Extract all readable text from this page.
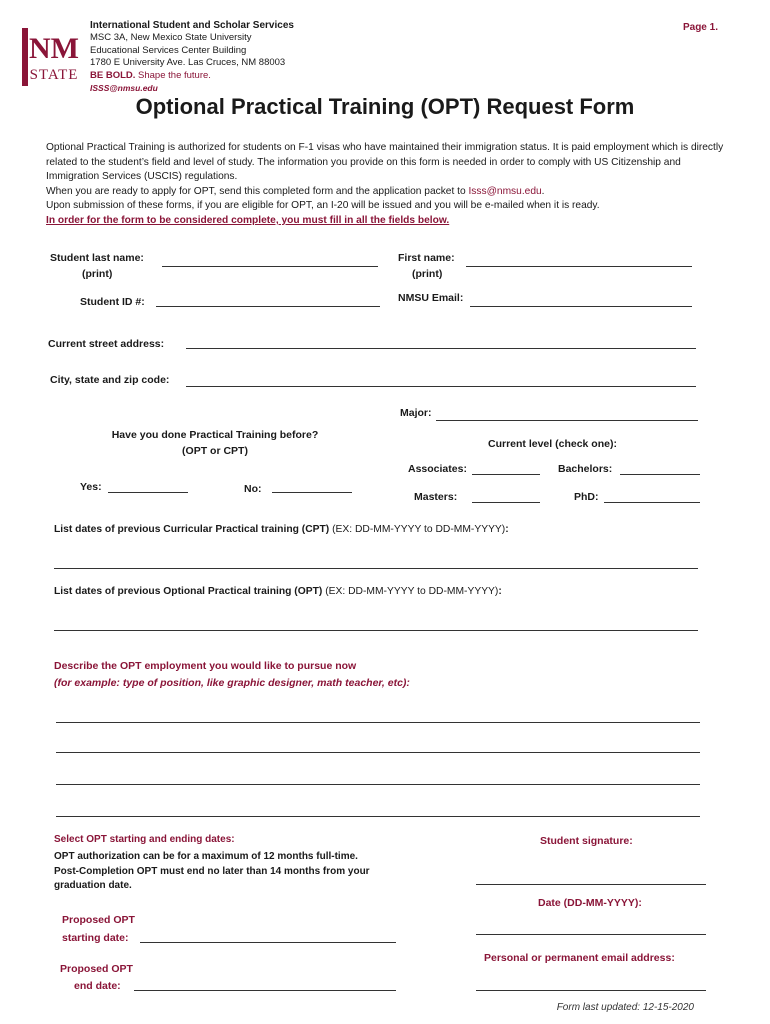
NM
STATE
International Student and Scholar Services
MSC 3A, New Mexico State University
Educational Services Center Building
1780 E University Ave. Las Cruces, NM 88003
BE BOLD. Shape the future.
ISSS@nmsu.edu
Page 1.
Optional Practical Training (OPT) Request Form

Optional Practical Training is authorized for students on F-1 visas who have maintained their immigration status. It is paid employment which is directly related to the student’s field and level of study. The information you provide on this form is needed in order to comply with US Citizenship and Immigration Services (USCIS) regulations.

When you are ready to apply for OPT, send this completed form and the application packet to Isss@nmsu.edu.

Upon submission of these forms, if you are eligible for OPT, an I-20 will be issued and you will be e-mailed when it is ready.

In order for the form to be considered complete, you must fill in all the fields below.

Student last name:
(print)
First name:
(print)
Student ID #:	NMSU Email:
Current street address:
City, state and zip code:
Major:
Have you done Practical Training before?
(OPT or CPT)
Current level (check one):
Associates:	Bachelors:
Yes:	No:
Masters:	PhD:
List dates of previous Curricular Practical training (CPT) (EX: DD-MM-YYYY to DD-MM-YYYY):
List dates of previous Optional Practical training (OPT) (EX: DD-MM-YYYY to DD-MM-YYYY):
Describe the OPT employment you would like to pursue now
(for example: type of position, like graphic designer, math teacher, etc):
Select OPT starting and ending dates:
OPT authorization can be for a maximum of 12 months full-time.
Post-Completion OPT must end no later than 14 months from your graduation date.
Proposed OPT
starting date:
Proposed OPT
end date:
Student signature:
Date (DD-MM-YYYY):
Personal or permanent email address:
Form last updated: 12-15-2020
